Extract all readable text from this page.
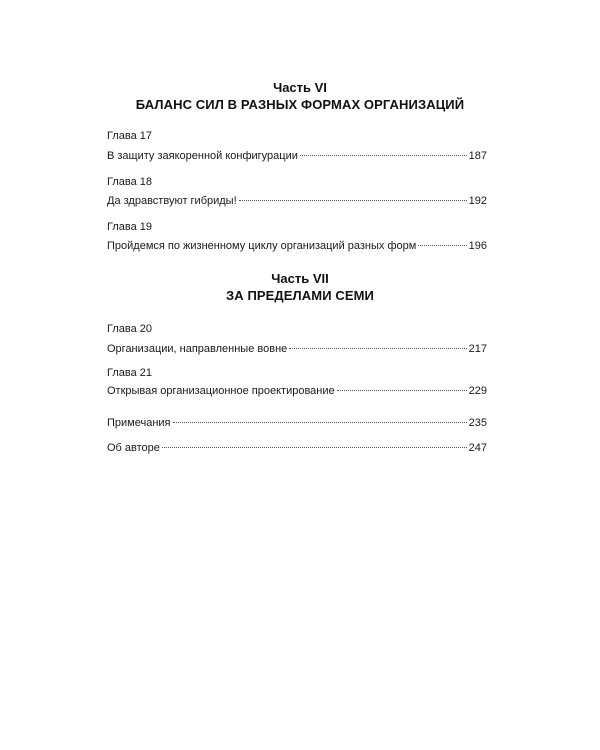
Часть VI
БАЛАНС СИЛ В РАЗНЫХ ФОРМАХ ОРГАНИЗАЦИЙ
Глава 17
В защиту заякоренной конфигурации	187
Глава 18
Да здравствуют гибриды!	192
Глава 19
Пройдемся по жизненному циклу организаций разных форм	196
Часть VII
ЗА ПРЕДЕЛАМИ СЕМИ
Глава 20
Организации, направленные вовне	217
Глава 21
Открывая организационное проектирование	229
Примечания	235
Об авторе	247
